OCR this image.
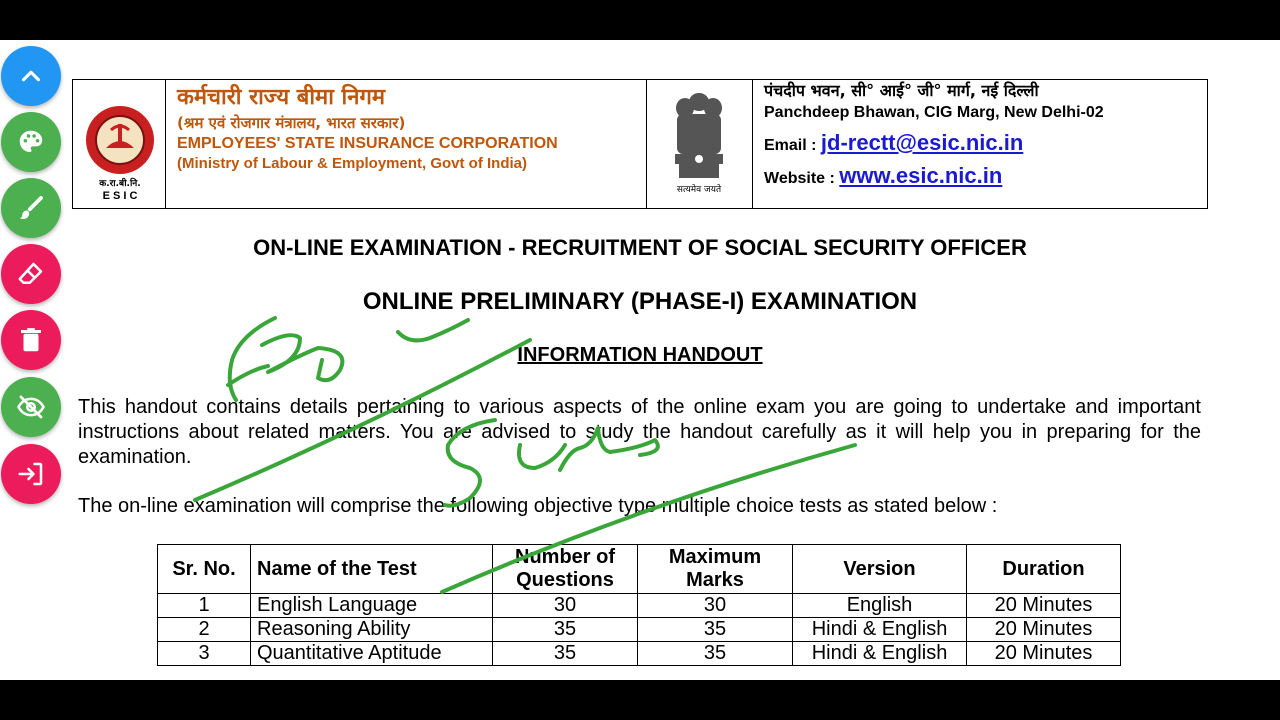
क.रा.बी.नि.
E S I C
कर्मचारी राज्य बीमा निगम
(श्रम एवं रोजगार मंत्रालय, भारत सरकार)
EMPLOYEES' STATE INSURANCE CORPORATION
(Ministry of Labour & Employment, Govt of India)
सत्यमेव जयते
पंचदीप भवन, सी° आई° जी° मार्ग, नई दिल्ली
Panchdeep Bhawan, CIG Marg, New Delhi-02
Email : jd-rectt@esic.nic.in
Website : www.esic.nic.in
ON-LINE EXAMINATION - RECRUITMENT OF SOCIAL SECURITY OFFICER
ONLINE PRELIMINARY (PHASE-I) EXAMINATION
INFORMATION HANDOUT
This handout contains details pertaining to various aspects of the online exam you are going to undertake and important instructions about related matters. You are advised to study the handout carefully as it will help you in preparing for the examination.
The on-line examination will comprise the following objective type multiple choice tests as stated below :
Sr. No.	Name of the Test	Number of Questions	Maximum Marks	Version	Duration
1	English Language	30	30	English	20 Minutes
2	Reasoning Ability	35	35	Hindi & English	20 Minutes
3	Quantitative Aptitude	35	35	Hindi & English	20 Minutes
